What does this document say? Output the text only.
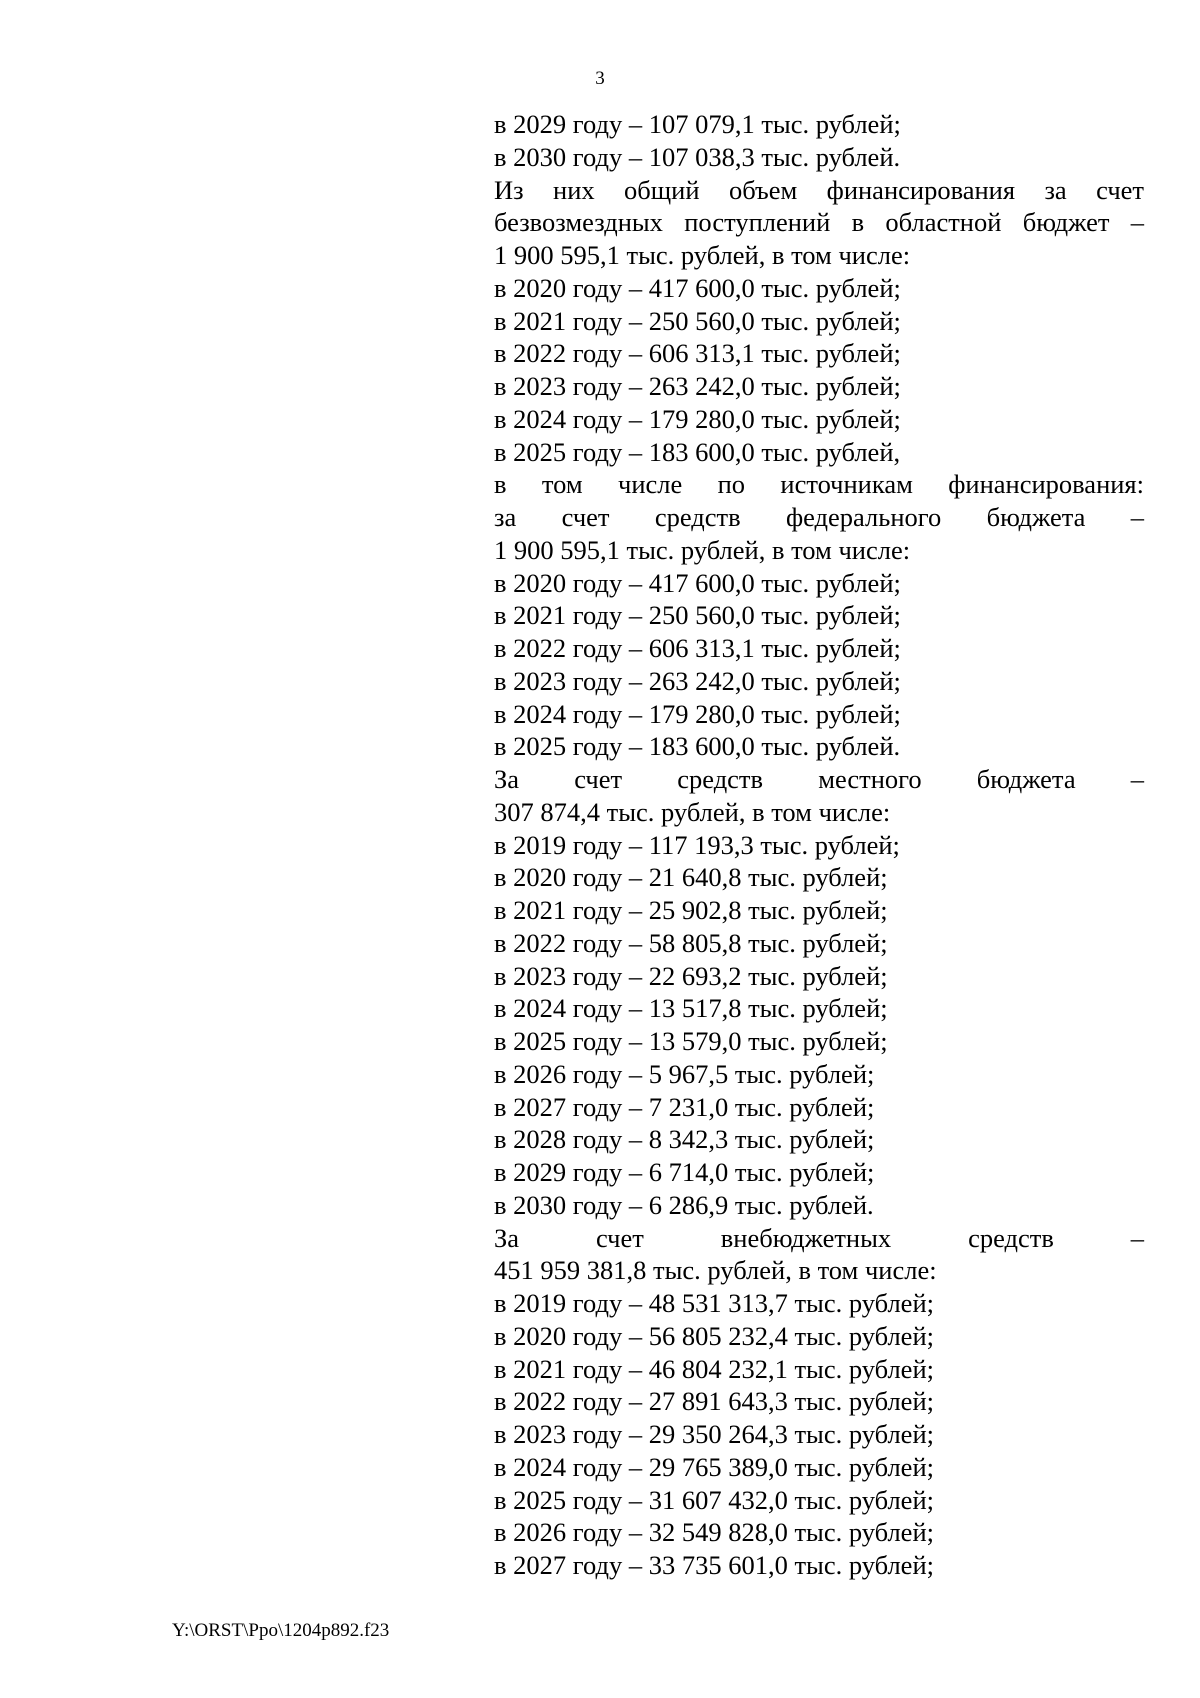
3
в 2029 году – 107 079,1 тыс. рублей;
в 2030 году – 107 038,3 тыс. рублей.
Из них общий объем финансирования за счет
безвозмездных поступлений в областной бюджет –
1 900 595,1 тыс. рублей, в том числе:
в 2020 году – 417 600,0 тыс. рублей;
в 2021 году – 250 560,0 тыс. рублей;
в 2022 году – 606 313,1 тыс. рублей;
в 2023 году – 263 242,0 тыс. рублей;
в 2024 году – 179 280,0 тыс. рублей;
в 2025 году – 183 600,0 тыс. рублей,
в том числе по источникам финансирования:
за счет средств федерального бюджета –
1 900 595,1 тыс. рублей, в том числе:
в 2020 году – 417 600,0 тыс. рублей;
в 2021 году – 250 560,0 тыс. рублей;
в 2022 году – 606 313,1 тыс. рублей;
в 2023 году – 263 242,0 тыс. рублей;
в 2024 году – 179 280,0 тыс. рублей;
в 2025 году – 183 600,0 тыс. рублей.
За счет средств местного бюджета –
307 874,4 тыс. рублей, в том числе:
в 2019 году – 117 193,3 тыс. рублей;
в 2020 году – 21 640,8 тыс. рублей;
в 2021 году – 25 902,8 тыс. рублей;
в 2022 году – 58 805,8 тыс. рублей;
в 2023 году – 22 693,2 тыс. рублей;
в 2024 году – 13 517,8 тыс. рублей;
в 2025 году – 13 579,0 тыс. рублей;
в 2026 году – 5 967,5 тыс. рублей;
в 2027 году – 7 231,0 тыс. рублей;
в 2028 году – 8 342,3 тыс. рублей;
в 2029 году – 6 714,0 тыс. рублей;
в 2030 году – 6 286,9 тыс. рублей.
За счет внебюджетных средств –
451 959 381,8 тыс. рублей, в том числе:
в 2019 году – 48 531 313,7 тыс. рублей;
в 2020 году – 56 805 232,4 тыс. рублей;
в 2021 году – 46 804 232,1 тыс. рублей;
в 2022 году – 27 891 643,3 тыс. рублей;
в 2023 году – 29 350 264,3 тыс. рублей;
в 2024 году – 29 765 389,0 тыс. рублей;
в 2025 году – 31 607 432,0 тыс. рублей;
в 2026 году – 32 549 828,0 тыс. рублей;
в 2027 году – 33 735 601,0 тыс. рублей;
Y:\ORST\Ppo\1204p892.f23
